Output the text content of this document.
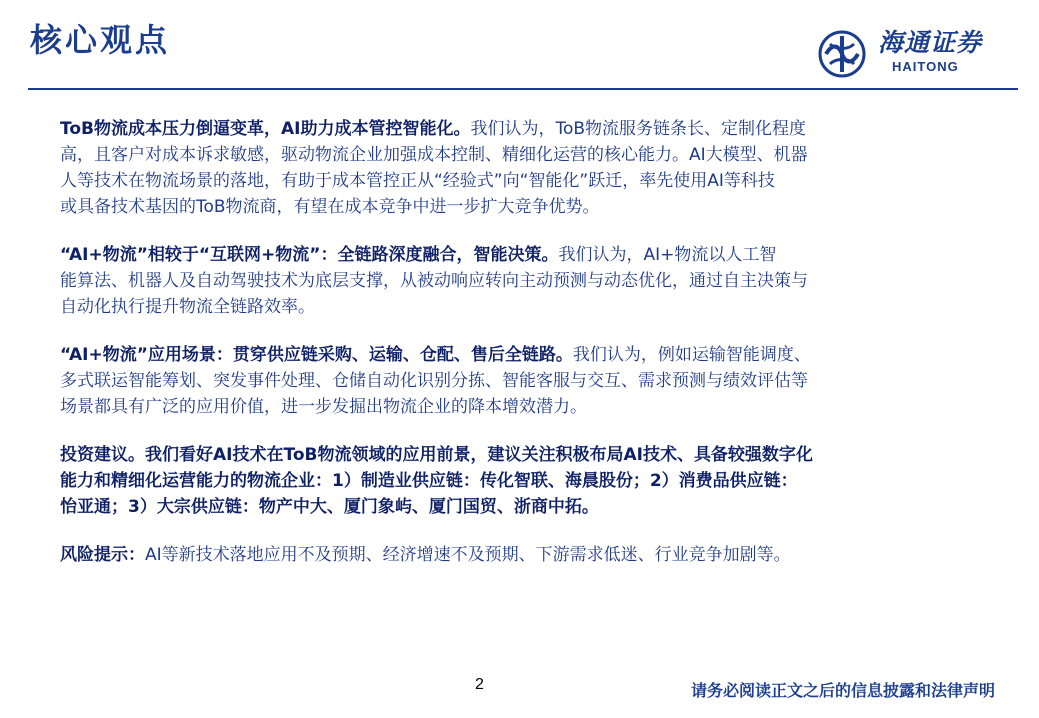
核心观点	海通证券
HAITONG

ToB物流成本压力倒逼变革，AI助力成本管控智能化。我们认为，ToB物流服务链条长、定制化程度

高，且客户对成本诉求敏感，驱动物流企业加强成本控制、精细化运营的核心能力。AI大模型、机器

人等技术在物流场景的落地，有助于成本管控正从“经验式”向“智能化”跃迁，率先使用AI等科技

或具备技术基因的ToB物流商，有望在成本竞争中进一步扩大竞争优势。

“AI+物流”相较于“互联网+物流”：全链路深度融合，智能决策。我们认为，AI+物流以人工智

能算法、机器人及自动驾驶技术为底层支撑，从被动响应转向主动预测与动态优化，通过自主决策与

自动化执行提升物流全链路效率。

“AI+物流”应用场景：贯穿供应链采购、运输、仓配、售后全链路。我们认为，例如运输智能调度、

多式联运智能筹划、突发事件处理、仓储自动化识别分拣、智能客服与交互、需求预测与绩效评估等

场景都具有广泛的应用价值，进一步发掘出物流企业的降本增效潜力。

投资建议。我们看好AI技术在ToB物流领域的应用前景，建议关注积极布局AI技术、具备较强数字化

能力和精细化运营能力的物流企业：1）制造业供应链：传化智联、海晨股份；2）消费品供应链：

怡亚通；3）大宗供应链：物产中大、厦门象屿、厦门国贸、浙商中拓。

风险提示：AI等新技术落地应用不及预期、经济增速不及预期、下游需求低迷、行业竞争加剧等。

2	请务必阅读正文之后的信息披露和法律声明
